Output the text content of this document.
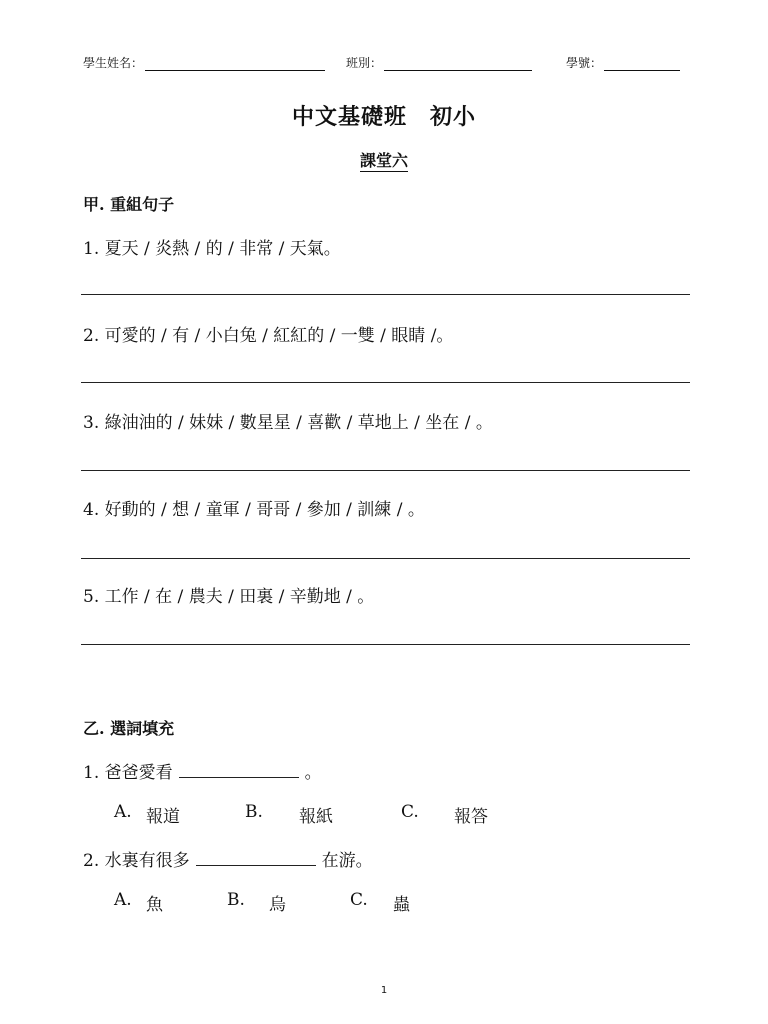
學生姓名：	班別：	學號：
中文基礎班　初小
課堂六
甲. 重組句子
1. 夏天 / 炎熱 / 的 / 非常 / 天氣。
2. 可愛的 / 有 / 小白兔 / 紅紅的 / 一雙 / 眼睛 /。
3. 綠油油的 / 妹妹 / 數星星 / 喜歡 / 草地上 / 坐在 / 。
4. 好動的 / 想 / 童軍 / 哥哥 / 參加 / 訓練 / 。
5. 工作 / 在 / 農夫 / 田裏 / 辛勤地 / 。
乙. 選詞填充
1. 爸爸愛看	。
A. 報道	B. 報紙	C. 報答
2. 水裏有很多	在游。
A. 魚	B. 烏	C. 蟲
1
